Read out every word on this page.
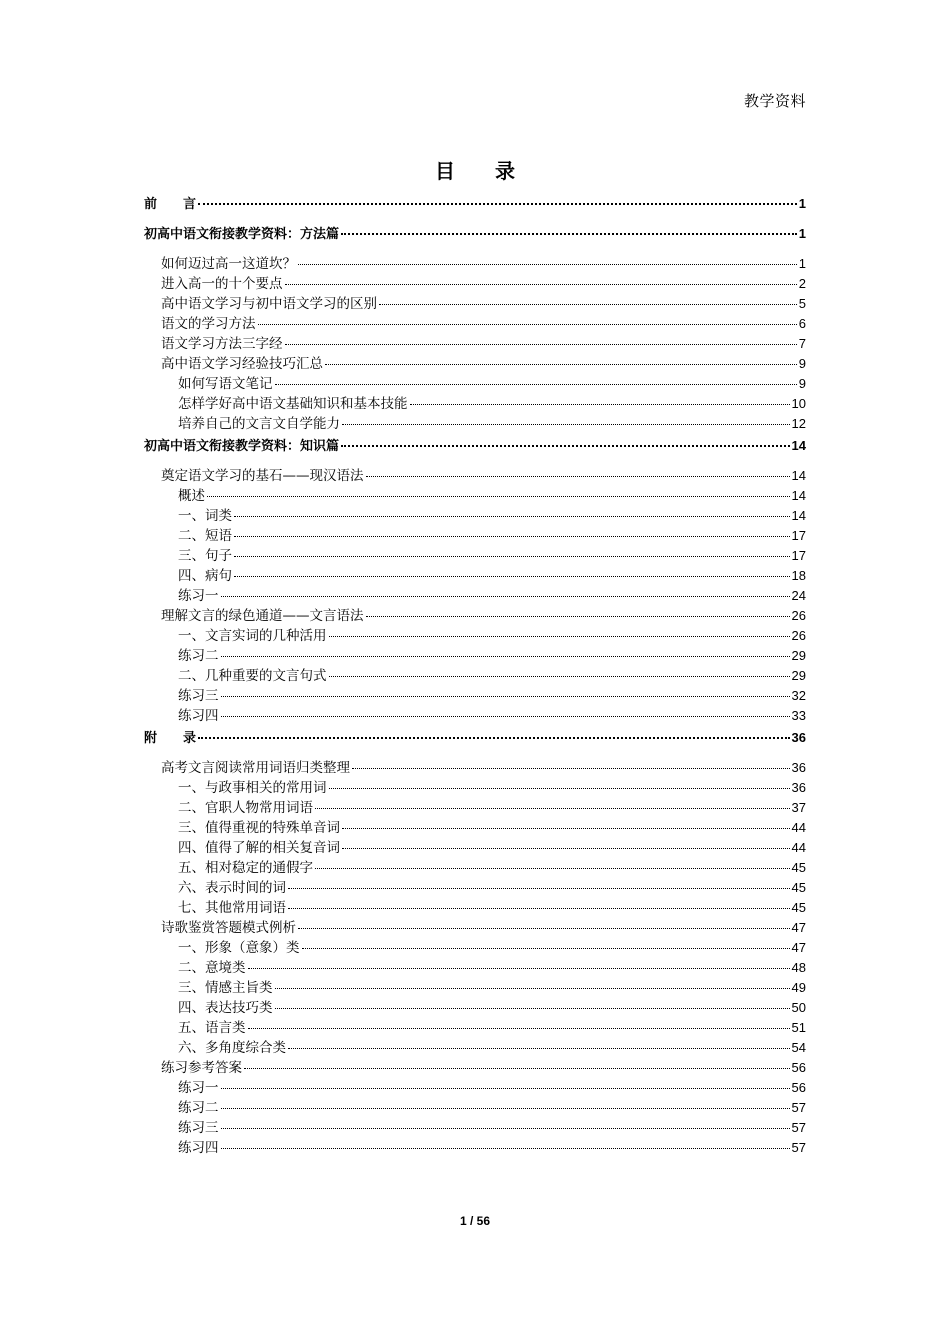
教学资料
目　　录
前　　言	1
初高中语文衔接教学资料：方法篇	1
如何迈过高一这道坎？	1
进入高一的十个要点	2
高中语文学习与初中语文学习的区别	5
语文的学习方法	6
语文学习方法三字经	7
高中语文学习经验技巧汇总	9
如何写语文笔记	9
怎样学好高中语文基础知识和基本技能	10
培养自己的文言文自学能力	12
初高中语文衔接教学资料：知识篇	14
奠定语文学习的基石——现汉语法	14
概述	14
一、词类	14
二、短语	17
三、句子	17
四、病句	18
练习一	24
理解文言的绿色通道——文言语法	26
一、文言实词的几种活用	26
练习二	29
二、几种重要的文言句式	29
练习三	32
练习四	33
附　　录	36
高考文言阅读常用词语归类整理	36
一、与政事相关的常用词	36
二、官职人物常用词语	37
三、值得重视的特殊单音词	44
四、值得了解的相关复音词	44
五、相对稳定的通假字	45
六、表示时间的词	45
七、其他常用词语	45
诗歌鉴赏答题模式例析	47
一、形象（意象）类	47
二、意境类	48
三、情感主旨类	49
四、表达技巧类	50
五、语言类	51
六、多角度综合类	54
练习参考答案	56
练习一	56
练习二	57
练习三	57
练习四	57
1 / 56
